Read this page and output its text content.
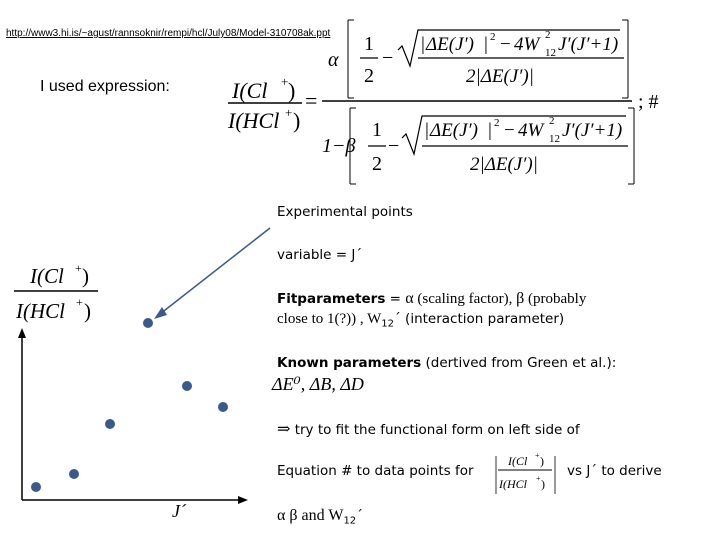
http://www3.hi.is/~agust/rannsoknir/rempi/hcl/July08/Model-310708ak.ppt
I used expression:	I(Cl + )
I(HCl + )
=
α
1
2
−
| ΔE(J′) | 2 − 4W 2
12 J′(J′+1)
2|ΔE(J′)|
1−β
1
2
−
| ΔE(J′) | 2 − 4W 2
12 J′(J′+1)
2|ΔE(J′)|
; #
I(Cl + )
I(HCl + )
J´
I(Cl + )
I(HCl + )
Experimental points
variable = J´
Fitparameters = α (scaling factor), β (probably
close to 1(?)) , $W_{12}´$ (interaction parameter)
Known parameters (dertived from Green et al.):
ΔE⁰, ΔB, ΔD
⇒ try to fit the functional form on left side of
Equation # to data points for	vs J´ to derive
α β and $W_{12}´$
